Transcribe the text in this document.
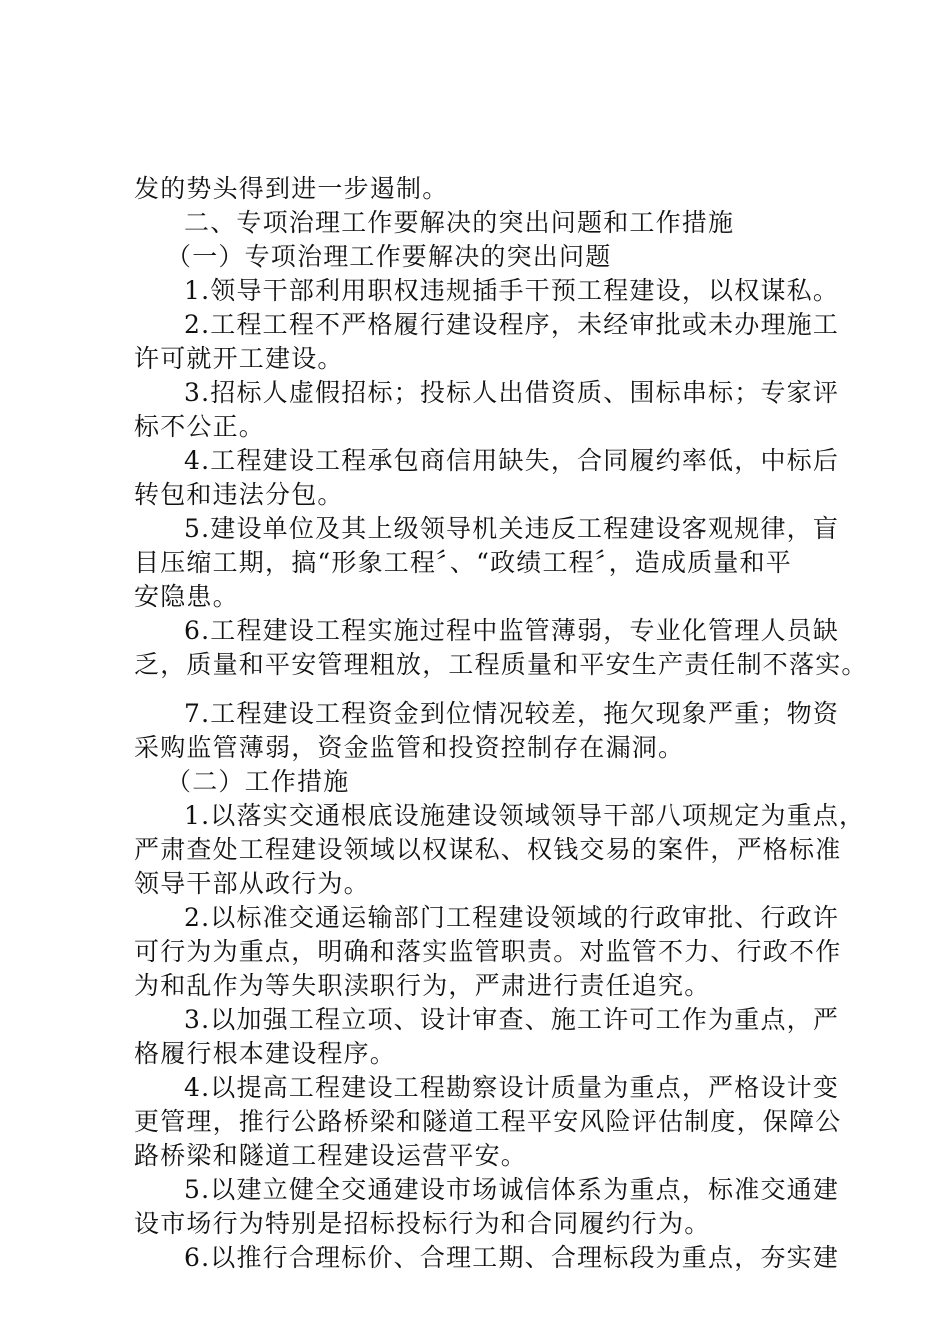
发的势头得到进一步遏制。
二、专项治理工作要解决的突出问题和工作措施
（一）专项治理工作要解决的突出问题
1.领导干部利用职权违规插手干预工程建设，以权谋私。
2.工程工程不严格履行建设程序，未经审批或未办理施工
许可就开工建设。
3.招标人虚假招标；投标人出借资质、围标串标；专家评
标不公正。
4.工程建设工程承包商信用缺失，合同履约率低，中标后
转包和违法分包。
5.建设单位及其上级领导机关违反工程建设客观规律，盲
目压缩工期，搞“形象工程〞、“政绩工程〞，造成质量和平
安隐患。
6.工程建设工程实施过程中监管薄弱，专业化管理人员缺
乏，质量和平安管理粗放，工程质量和平安生产责任制不落实。
7.工程建设工程资金到位情况较差，拖欠现象严重；物资
采购监管薄弱，资金监管和投资控制存在漏洞。
（二）工作措施
1.以落实交通根底设施建设领域领导干部八项规定为重点，
严肃查处工程建设领域以权谋私、权钱交易的案件，严格标准
领导干部从政行为。
2.以标准交通运输部门工程建设领域的行政审批、行政许
可行为为重点，明确和落实监管职责。对监管不力、行政不作
为和乱作为等失职渎职行为，严肃进行责任追究。
3.以加强工程立项、设计审查、施工许可工作为重点，严
格履行根本建设程序。
4.以提高工程建设工程勘察设计质量为重点，严格设计变
更管理，推行公路桥梁和隧道工程平安风险评估制度，保障公
路桥梁和隧道工程建设运营平安。
5.以建立健全交通建设市场诚信体系为重点，标准交通建
设市场行为特别是招标投标行为和合同履约行为。
6.以推行合理标价、合理工期、合理标段为重点，夯实建
